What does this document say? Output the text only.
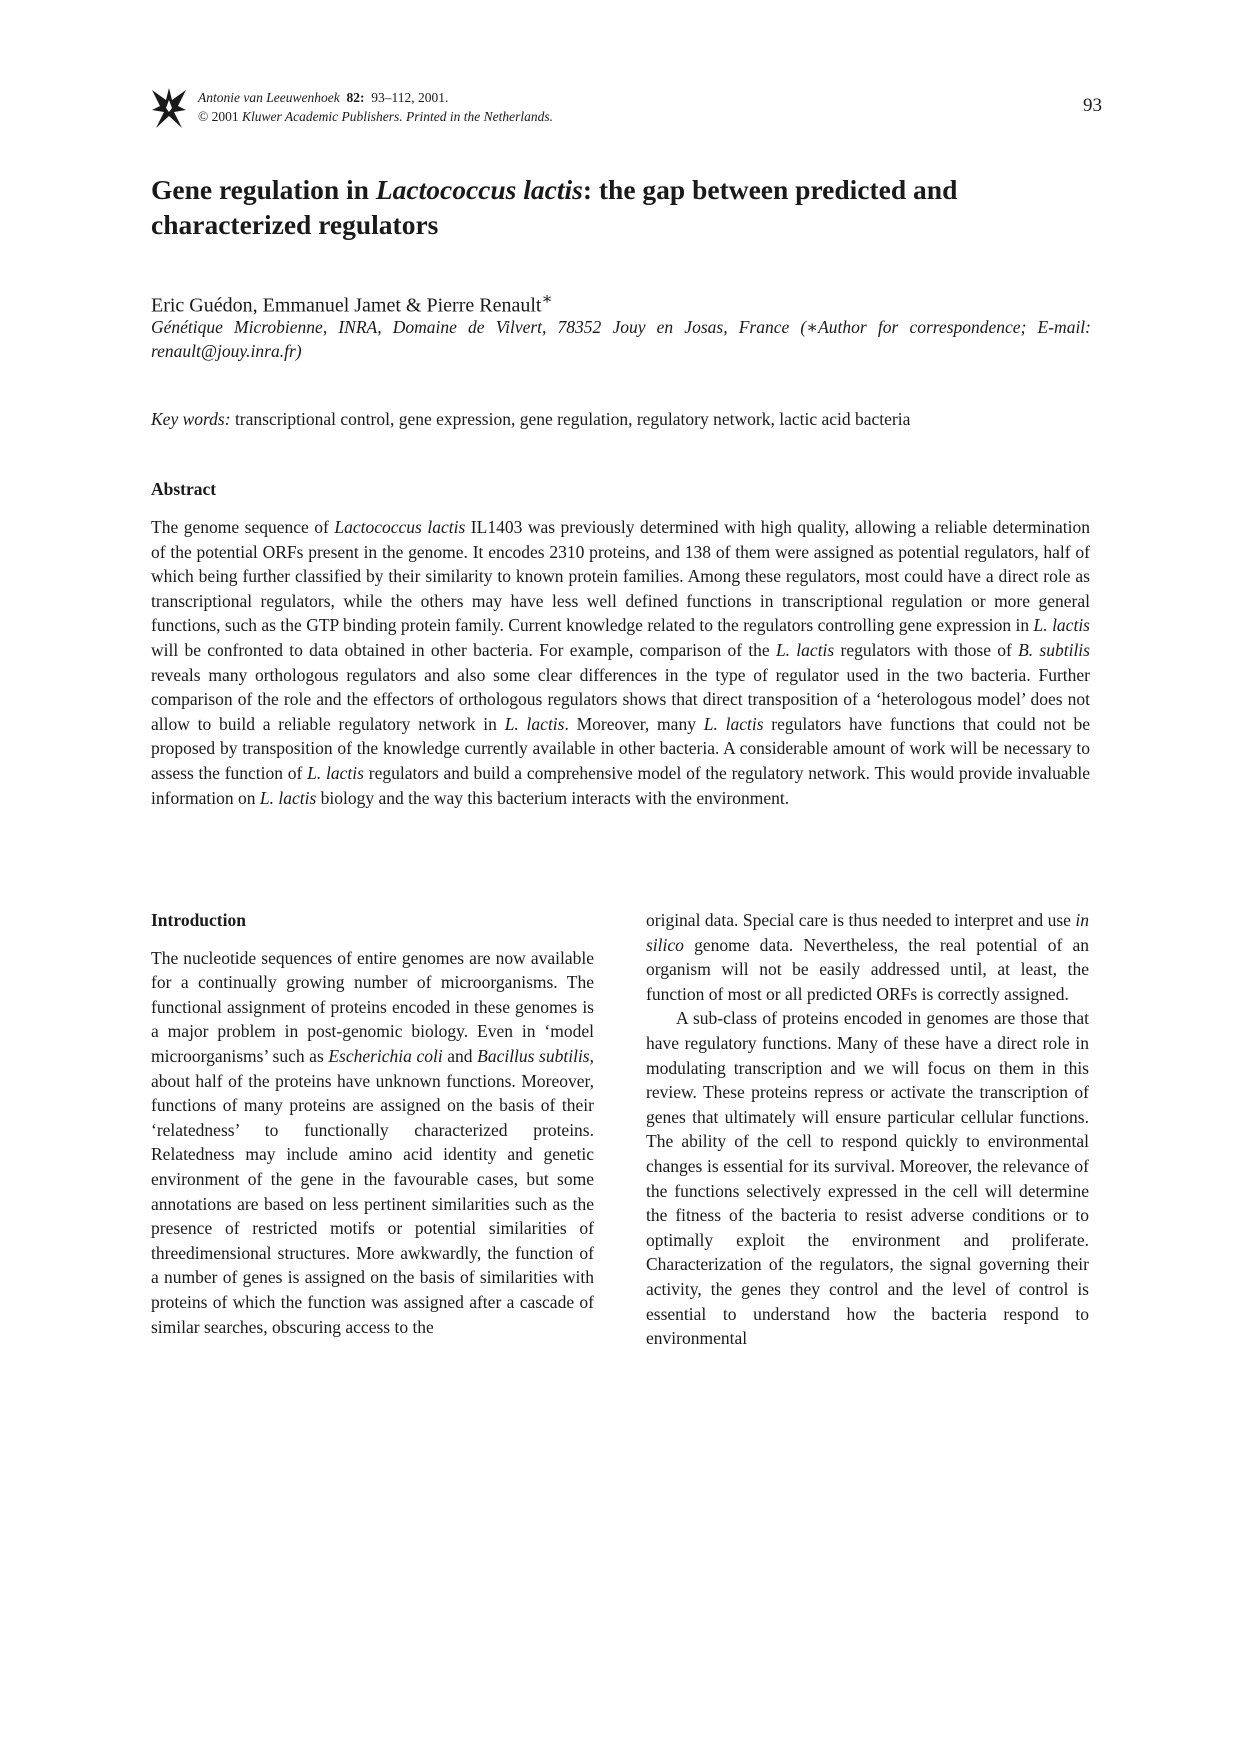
Antonie van Leeuwenhoek 82: 93–112, 2001.
© 2001 Kluwer Academic Publishers. Printed in the Netherlands.
93
Gene regulation in Lactococcus lactis: the gap between predicted and characterized regulators
Eric Guédon, Emmanuel Jamet & Pierre Renault∗
Génétique Microbienne, INRA, Domaine de Vilvert, 78352 Jouy en Josas, France (∗Author for correspondence; E-mail: renault@jouy.inra.fr)
Key words: transcriptional control, gene expression, gene regulation, regulatory network, lactic acid bacteria
Abstract
The genome sequence of Lactococcus lactis IL1403 was previously determined with high quality, allowing a reliable determination of the potential ORFs present in the genome. It encodes 2310 proteins, and 138 of them were assigned as potential regulators, half of which being further classified by their similarity to known protein families. Among these regulators, most could have a direct role as transcriptional regulators, while the others may have less well defined functions in transcriptional regulation or more general functions, such as the GTP binding protein family. Current knowledge related to the regulators controlling gene expression in L. lactis will be confronted to data obtained in other bacteria. For example, comparison of the L. lactis regulators with those of B. subtilis reveals many orthologous regulators and also some clear differences in the type of regulator used in the two bacteria. Further comparison of the role and the effectors of orthologous regulators shows that direct transposition of a ‘heterologous model’ does not allow to build a reliable regulatory network in L. lactis. Moreover, many L. lactis regulators have functions that could not be proposed by transposition of the knowledge currently available in other bacteria. A considerable amount of work will be necessary to assess the function of L. lactis regulators and build a comprehensive model of the regulatory network. This would provide invaluable information on L. lactis biology and the way this bacterium interacts with the environment.
Introduction

The nucleotide sequences of entire genomes are now available for a continually growing number of microorganisms. The functional assignment of proteins encoded in these genomes is a major problem in post-genomic biology. Even in ‘model microorganisms’ such as Escherichia coli and Bacillus subtilis, about half of the proteins have unknown functions. Moreover, functions of many proteins are assigned on the basis of their ‘relatedness’ to functionally characterized proteins. Relatedness may include amino acid identity and genetic environment of the gene in the favourable cases, but some annotations are based on less pertinent similarities such as the presence of restricted motifs or potential similarities of threedimensional structures. More awkwardly, the function of a number of genes is assigned on the basis of similarities with proteins of which the function was assigned after a cascade of similar searches, obscuring access to the

original data. Special care is thus needed to interpret and use in silico genome data. Nevertheless, the real potential of an organism will not be easily addressed until, at least, the function of most or all predicted ORFs is correctly assigned.

A sub-class of proteins encoded in genomes are those that have regulatory functions. Many of these have a direct role in modulating transcription and we will focus on them in this review. These proteins repress or activate the transcription of genes that ultimately will ensure particular cellular functions. The ability of the cell to respond quickly to environmental changes is essential for its survival. Moreover, the relevance of the functions selectively expressed in the cell will determine the fitness of the bacteria to resist adverse conditions or to optimally exploit the environment and proliferate. Characterization of the regulators, the signal governing their activity, the genes they control and the level of control is essential to understand how the bacteria respond to environmental
